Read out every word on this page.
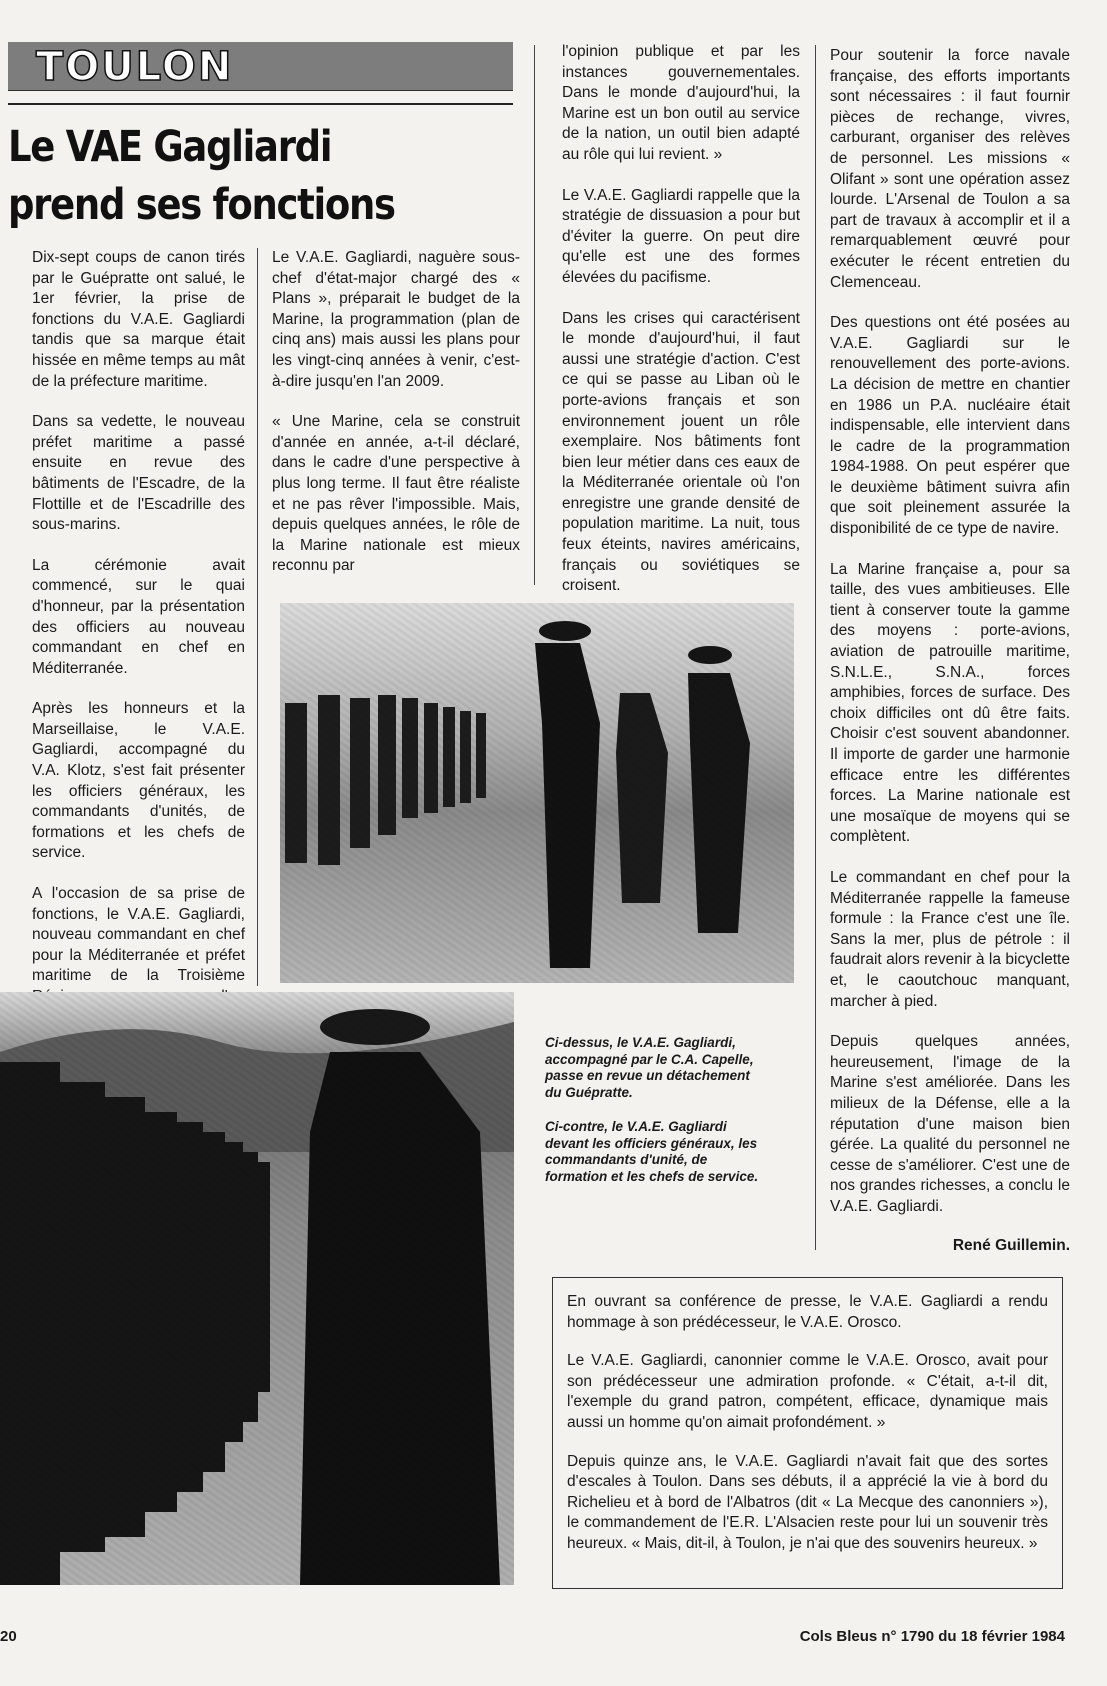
TOULON
Le VAE Gagliardi prend ses fonctions

Dix-sept coups de canon tirés par le Guépratte ont salué, le 1er février, la prise de fonctions du V.A.E. Gagliardi tandis que sa marque était hissée en même temps au mât de la préfecture maritime.

Dans sa vedette, le nouveau préfet maritime a passé ensuite en revue des bâtiments de l'Escadre, de la Flottille et de l'Escadrille des sous-marins.

La cérémonie avait commencé, sur le quai d'honneur, par la présentation des officiers au nouveau commandant en chef en Méditerranée.

Après les honneurs et la Marseillaise, le V.A.E. Gagliardi, accompagné du V.A. Klotz, s'est fait présenter les officiers généraux, les commandants d'unités, de formations et les chefs de service.

A l'occasion de sa prise de fonctions, le V.A.E. Gagliardi, nouveau commandant en chef pour la Méditerranée et préfet maritime de la Troisième

Le V.A.E. Gagliardi, naguère sous-chef d'état-major chargé des « Plans », préparait le budget de la Marine, la programmation (plan de cinq ans) mais aussi les plans pour les vingt-cinq années à venir, c'est-à-dire jusqu'en l'an 2009.

« Une Marine, cela se construit d'année en année, a-t-il déclaré, dans le cadre d'une perspective à plus long terme. Il faut être réaliste et ne pas rêver l'impossible. Mais, depuis quelques années, le rôle de la Marine nationale est mieux reconnu par

l'opinion publique et par les instances gouvernementales. Dans le monde d'aujourd'hui, la Marine est un bon outil au service de la nation, un outil bien adapté au rôle qui lui revient. »

Le V.A.E. Gagliardi rappelle que la stratégie de dissuasion a pour but d'éviter la guerre. On peut dire qu'elle est une des formes élevées du pacifisme.

Dans les crises qui caractérisent le monde d'aujourd'hui, il faut aussi une stratégie d'action. C'est ce qui se passe au Liban où le porte-avions français et son environnement jouent un rôle exemplaire. Nos bâtiments font bien leur métier dans ces eaux de la Méditerranée orientale où l'on enregistre une grande densité de population maritime. La nuit, tous feux éteints, navires américains, français ou soviétiques se croisent.

Pour soutenir la force navale française, des efforts importants sont nécessaires : il faut fournir pièces de rechange, vivres, carburant, organiser des relèves de personnel. Les missions « Olifant » sont une opération assez lourde. L'Arsenal de Toulon a sa part de travaux à accomplir et il a remarquablement œuvré pour exécuter le récent entretien du Clemenceau.

Des questions ont été posées au V.A.E. Gagliardi sur le renouvellement des porte-avions. La décision de mettre en chantier en 1986 un P.A. nucléaire était indispensable, elle intervient dans le cadre de la programmation 1984-1988. On peut espérer que le deuxième bâtiment suivra afin que soit pleinement assurée la disponibilité de ce type de navire.

La Marine française a, pour sa taille, des vues ambitieuses. Elle tient à conserver toute la gamme des moyens : porte-avions, aviation de patrouille maritime, S.N.L.E., S.N.A., forces amphibies, forces de surface. Des choix difficiles ont dû être faits. Choisir c'est souvent abandonner. Il importe de garder une harmonie efficace entre les différentes forces. La Marine nationale est une mosaïque de moyens qui se complètent.

Le commandant en chef pour la Méditerranée rappelle la fameuse formule : la France c'est une île. Sans la mer, plus de pétrole : il faudrait alors revenir à la bicyclette et, le caoutchouc manquant, marcher à pied.

Depuis quelques années, heureusement, l'image de la Marine s'est améliorée. Dans les milieux de la Défense, elle a la réputation d'une maison bien gérée. La qualité du personnel ne cesse de s'améliorer. C'est une de nos grandes richesses, a conclu le V.A.E. Gagliardi.

René Guillemin.

Ci-dessus, le V.A.E. Gagliardi, accompagné par le C.A. Capelle, passe en revue un détachement du Guépratte.

Ci-contre, le V.A.E. Gagliardi devant les officiers généraux, les commandants d'unité, de formation et les chefs de service.

En ouvrant sa conférence de presse, le V.A.E. Gagliardi a rendu hommage à son prédécesseur, le V.A.E. Orosco.

Le V.A.E. Gagliardi, canonnier comme le V.A.E. Orosco, avait pour son prédécesseur une admiration profonde. « C'était, a-t-il dit, l'exemple du grand patron, compétent, efficace, dynamique mais aussi un homme qu'on aimait profondément. »

Depuis quinze ans, le V.A.E. Gagliardi n'avait fait que des sortes d'escales à Toulon. Dans ses débuts, il a apprécié la vie à bord du Richelieu et à bord de l'Albatros (dit « La Mecque des canonniers »), le commandement de l'E.R. L'Alsacien reste pour lui un souvenir très heureux. « Mais, dit-il, à Toulon, je n'ai que des souvenirs heureux. »

20	Cols Bleus n° 1790 du 18 février 1984
